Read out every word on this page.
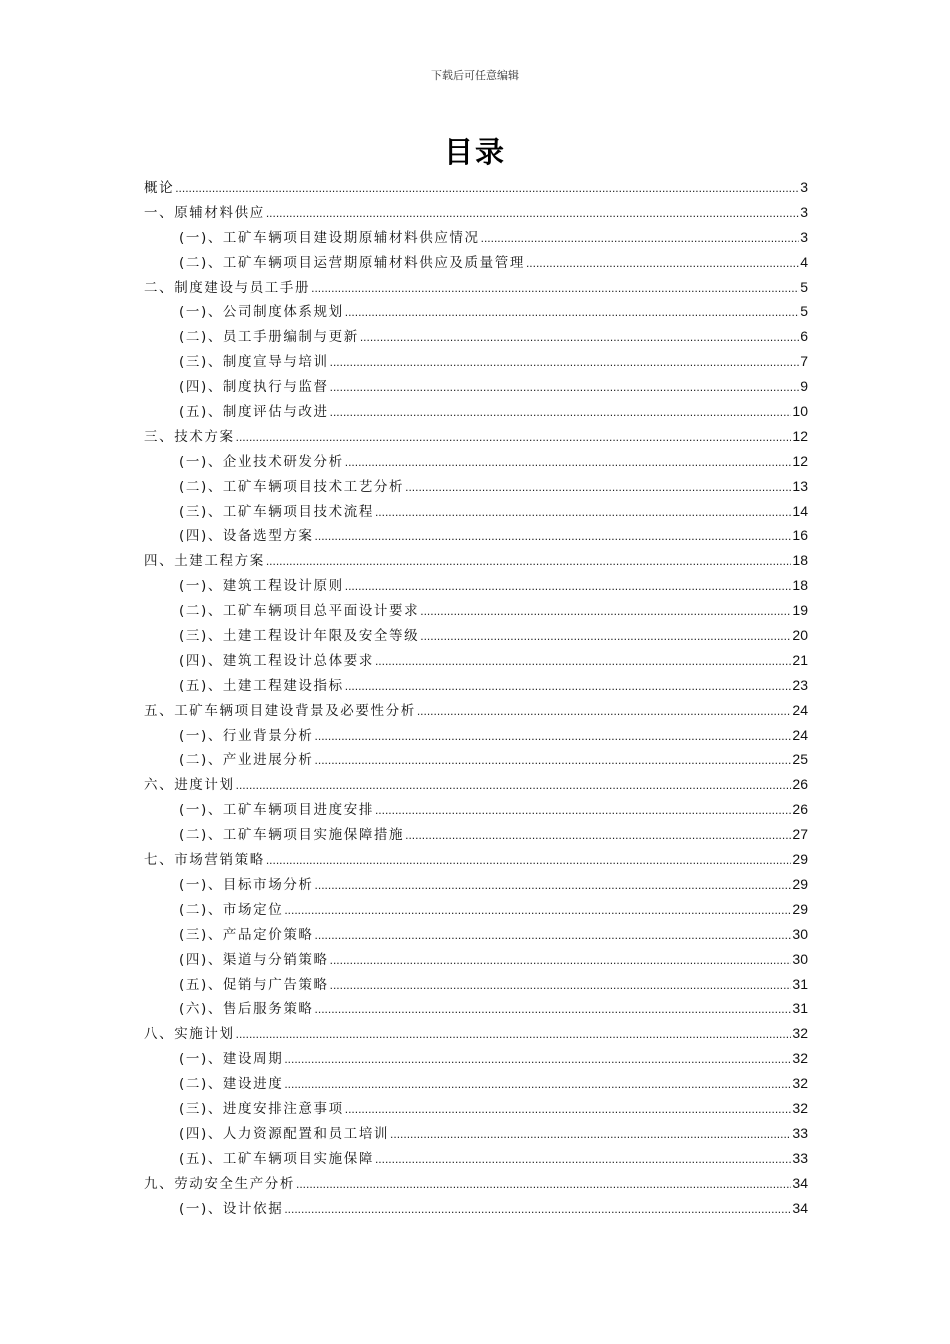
下载后可任意编辑
目录
概论 .....	3
一、原辅材料供应 .....	3
(一)、工矿车辆项目建设期原辅材料供应情况 .....	3
(二)、工矿车辆项目运营期原辅材料供应及质量管理 .....	4
二、制度建设与员工手册 .....	5
(一)、公司制度体系规划 .....	5
(二)、员工手册编制与更新 .....	6
(三)、制度宣导与培训 .....	7
(四)、制度执行与监督 .....	9
(五)、制度评估与改进 .....	10
三、技术方案 .....	12
(一)、企业技术研发分析 .....	12
(二)、工矿车辆项目技术工艺分析 .....	13
(三)、工矿车辆项目技术流程 .....	14
(四)、设备选型方案 .....	16
四、土建工程方案 .....	18
(一)、建筑工程设计原则 .....	18
(二)、工矿车辆项目总平面设计要求 .....	19
(三)、土建工程设计年限及安全等级 .....	20
(四)、建筑工程设计总体要求 .....	21
(五)、土建工程建设指标 .....	23
五、工矿车辆项目建设背景及必要性分析 .....	24
(一)、行业背景分析 .....	24
(二)、产业进展分析 .....	25
六、进度计划 .....	26
(一)、工矿车辆项目进度安排 .....	26
(二)、工矿车辆项目实施保障措施 .....	27
七、市场营销策略 .....	29
(一)、目标市场分析 .....	29
(二)、市场定位 .....	29
(三)、产品定价策略 .....	30
(四)、渠道与分销策略 .....	30
(五)、促销与广告策略 .....	31
(六)、售后服务策略 .....	31
八、实施计划 .....	32
(一)、建设周期 .....	32
(二)、建设进度 .....	32
(三)、进度安排注意事项 .....	32
(四)、人力资源配置和员工培训 .....	33
(五)、工矿车辆项目实施保障 .....	33
九、劳动安全生产分析 .....	34
(一)、设计依据 .....	34
